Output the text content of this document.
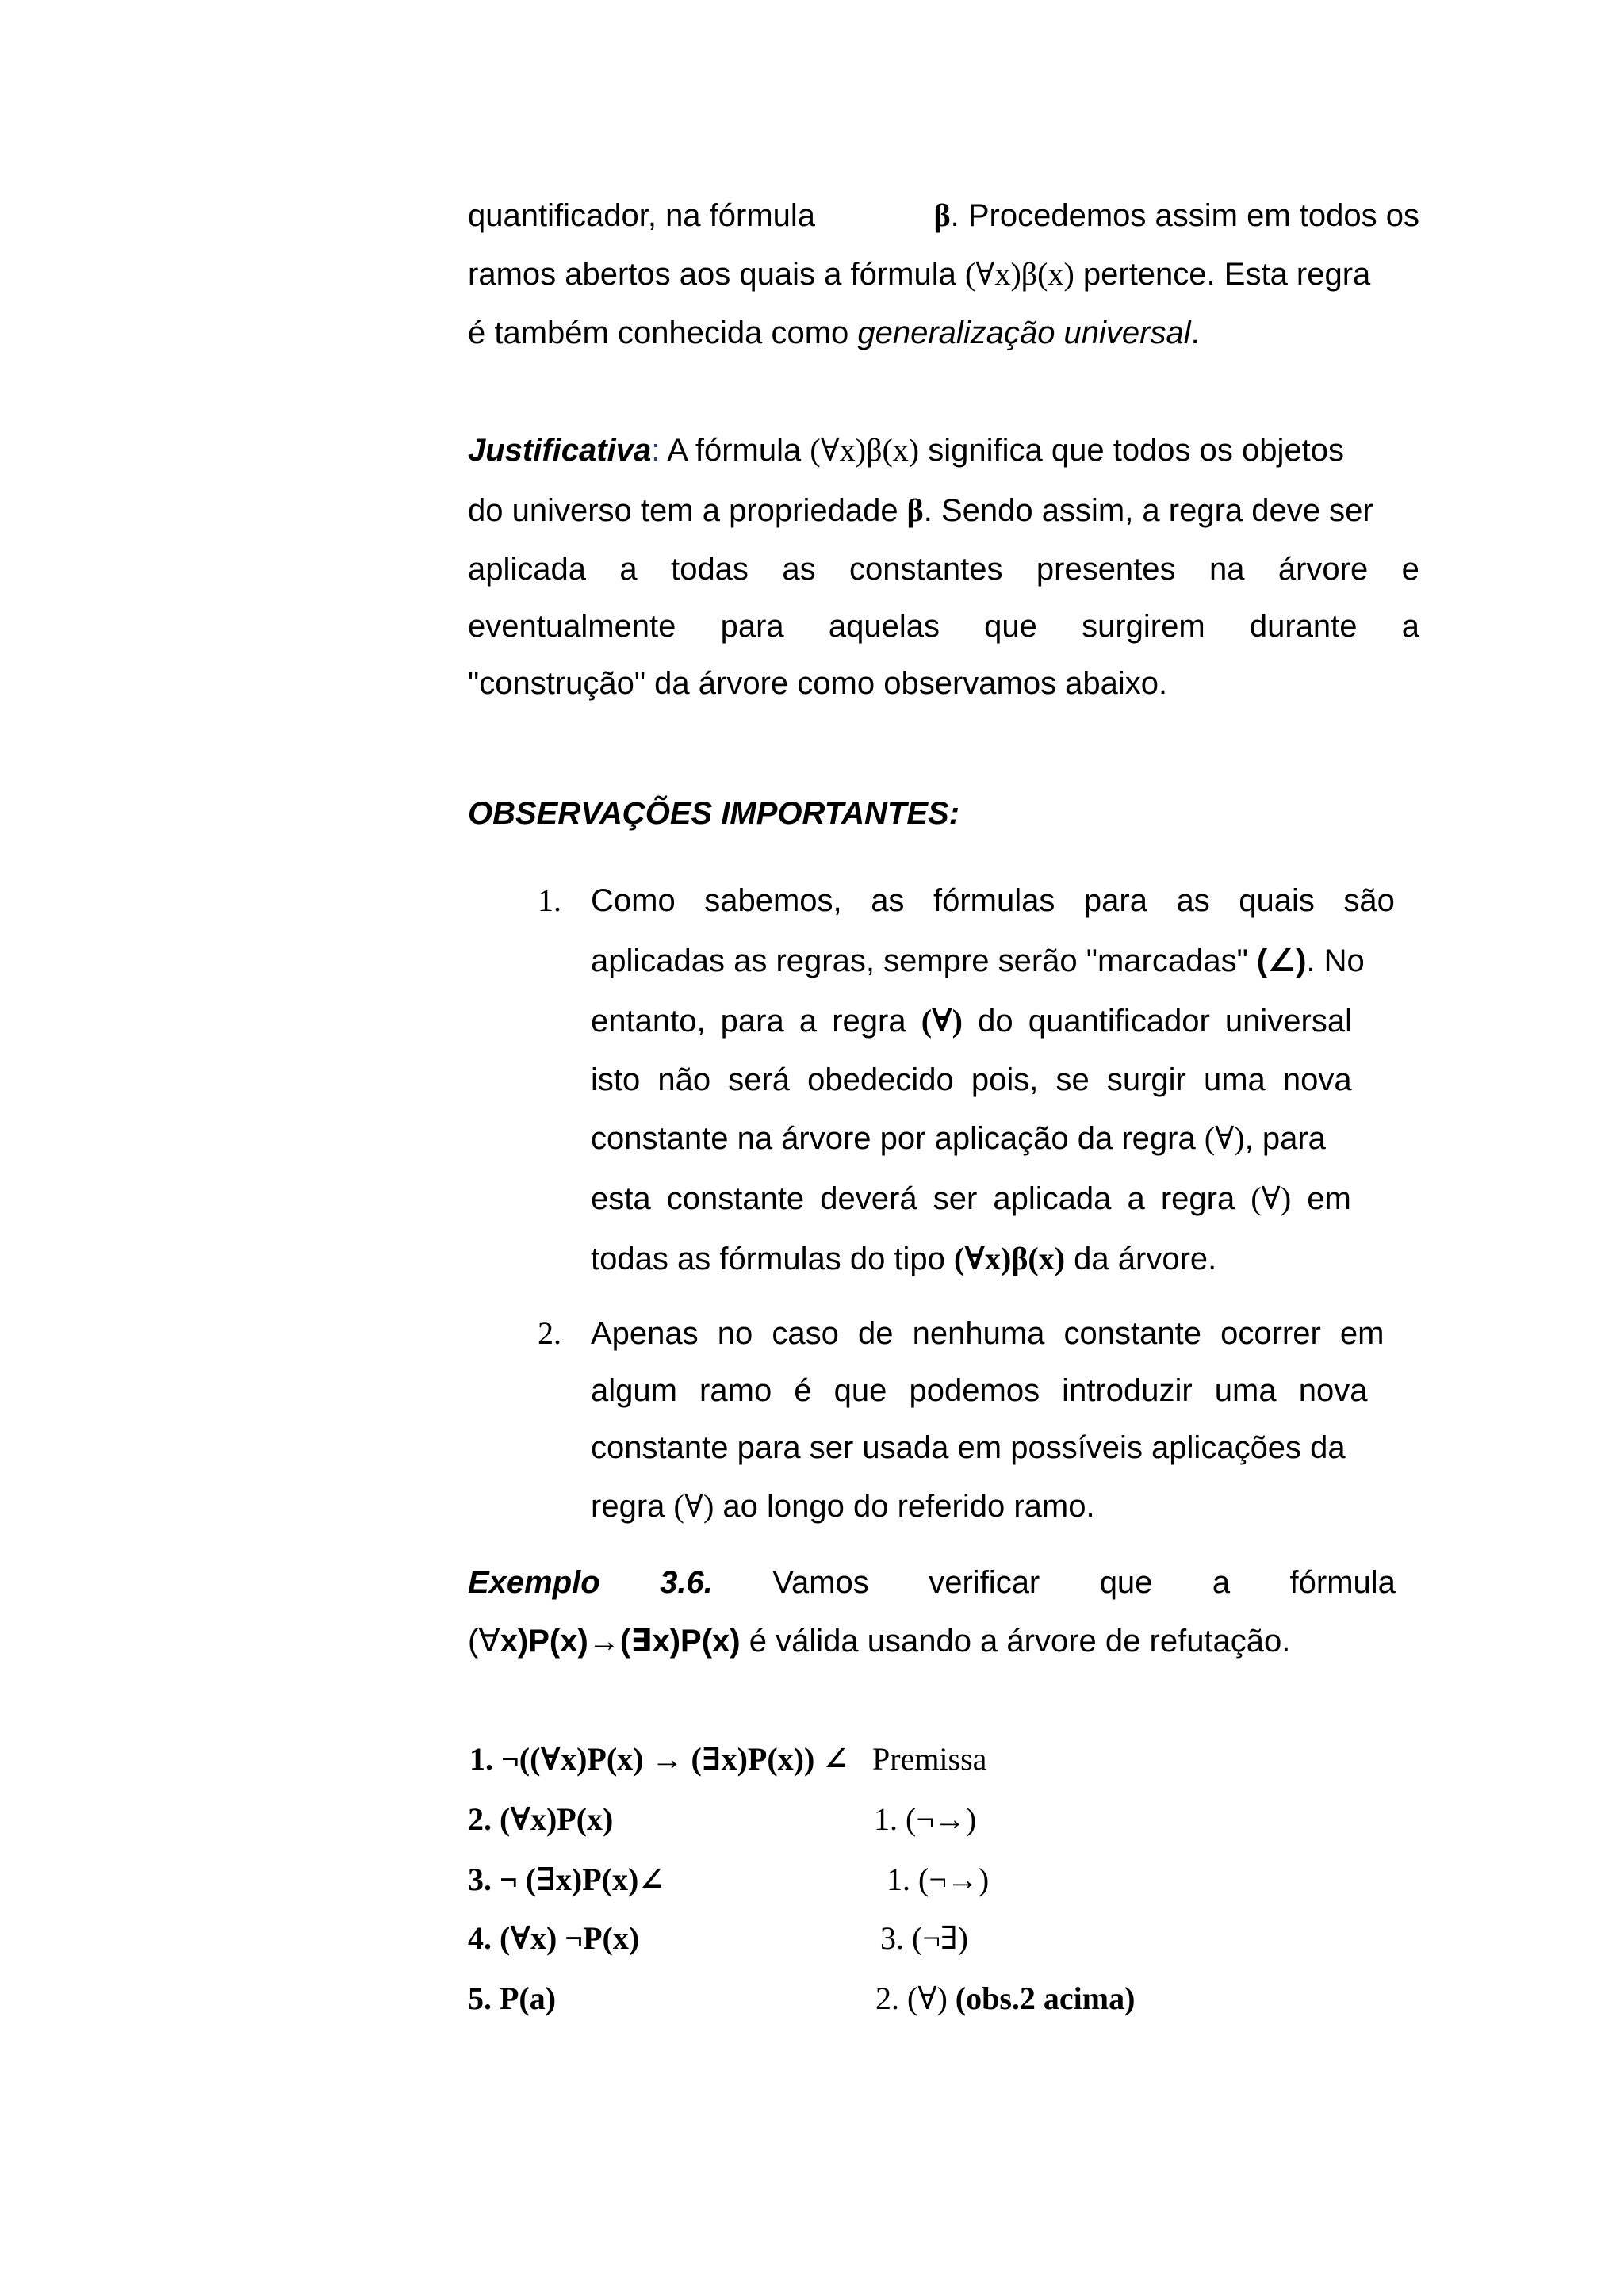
quantificador, na fórmula	β. Procedemos assim em todos os
ramos abertos aos quais a fórmula (∀x)β(x) pertence. Esta regra
é também conhecida como generalização universal.
Justificativa: A fórmula (∀x)β(x) significa que todos os objetos
do universo tem a propriedade β. Sendo assim, a regra deve ser
aplicada a todas as constantes presentes na árvore e
eventualmente para aquelas que surgirem durante a
"construção" da árvore como observamos abaixo.
OBSERVAÇÕES IMPORTANTES:
1. Como sabemos, as fórmulas para as quais são
aplicadas as regras, sempre serão "marcadas" (∠). No
entanto, para a regra (∀) do quantificador universal
isto não será obedecido pois, se surgir uma nova
constante na árvore por aplicação da regra (∀), para
esta constante deverá ser aplicada a regra (∀) em
todas as fórmulas do tipo (∀x)β(x) da árvore.
2. Apenas no caso de nenhuma constante ocorrer em
algum ramo é que podemos introduzir uma nova
constante para ser usada em possíveis aplicações da
regra (∀) ao longo do referido ramo.
Exemplo 3.6. Vamos verificar que a fórmula
(∀x)P(x)→(∃x)P(x) é válida usando a árvore de refutação.
1. ¬((∀x)P(x) → (∃x)P(x)) ∠ Premissa
2. (∀x)P(x)	1. (¬→)
3. ¬ (∃x)P(x)∠	1. (¬→)
4. (∀x) ¬P(x)	3. (¬∃)
5. P(a)	2. (∀) (obs.2 acima)
